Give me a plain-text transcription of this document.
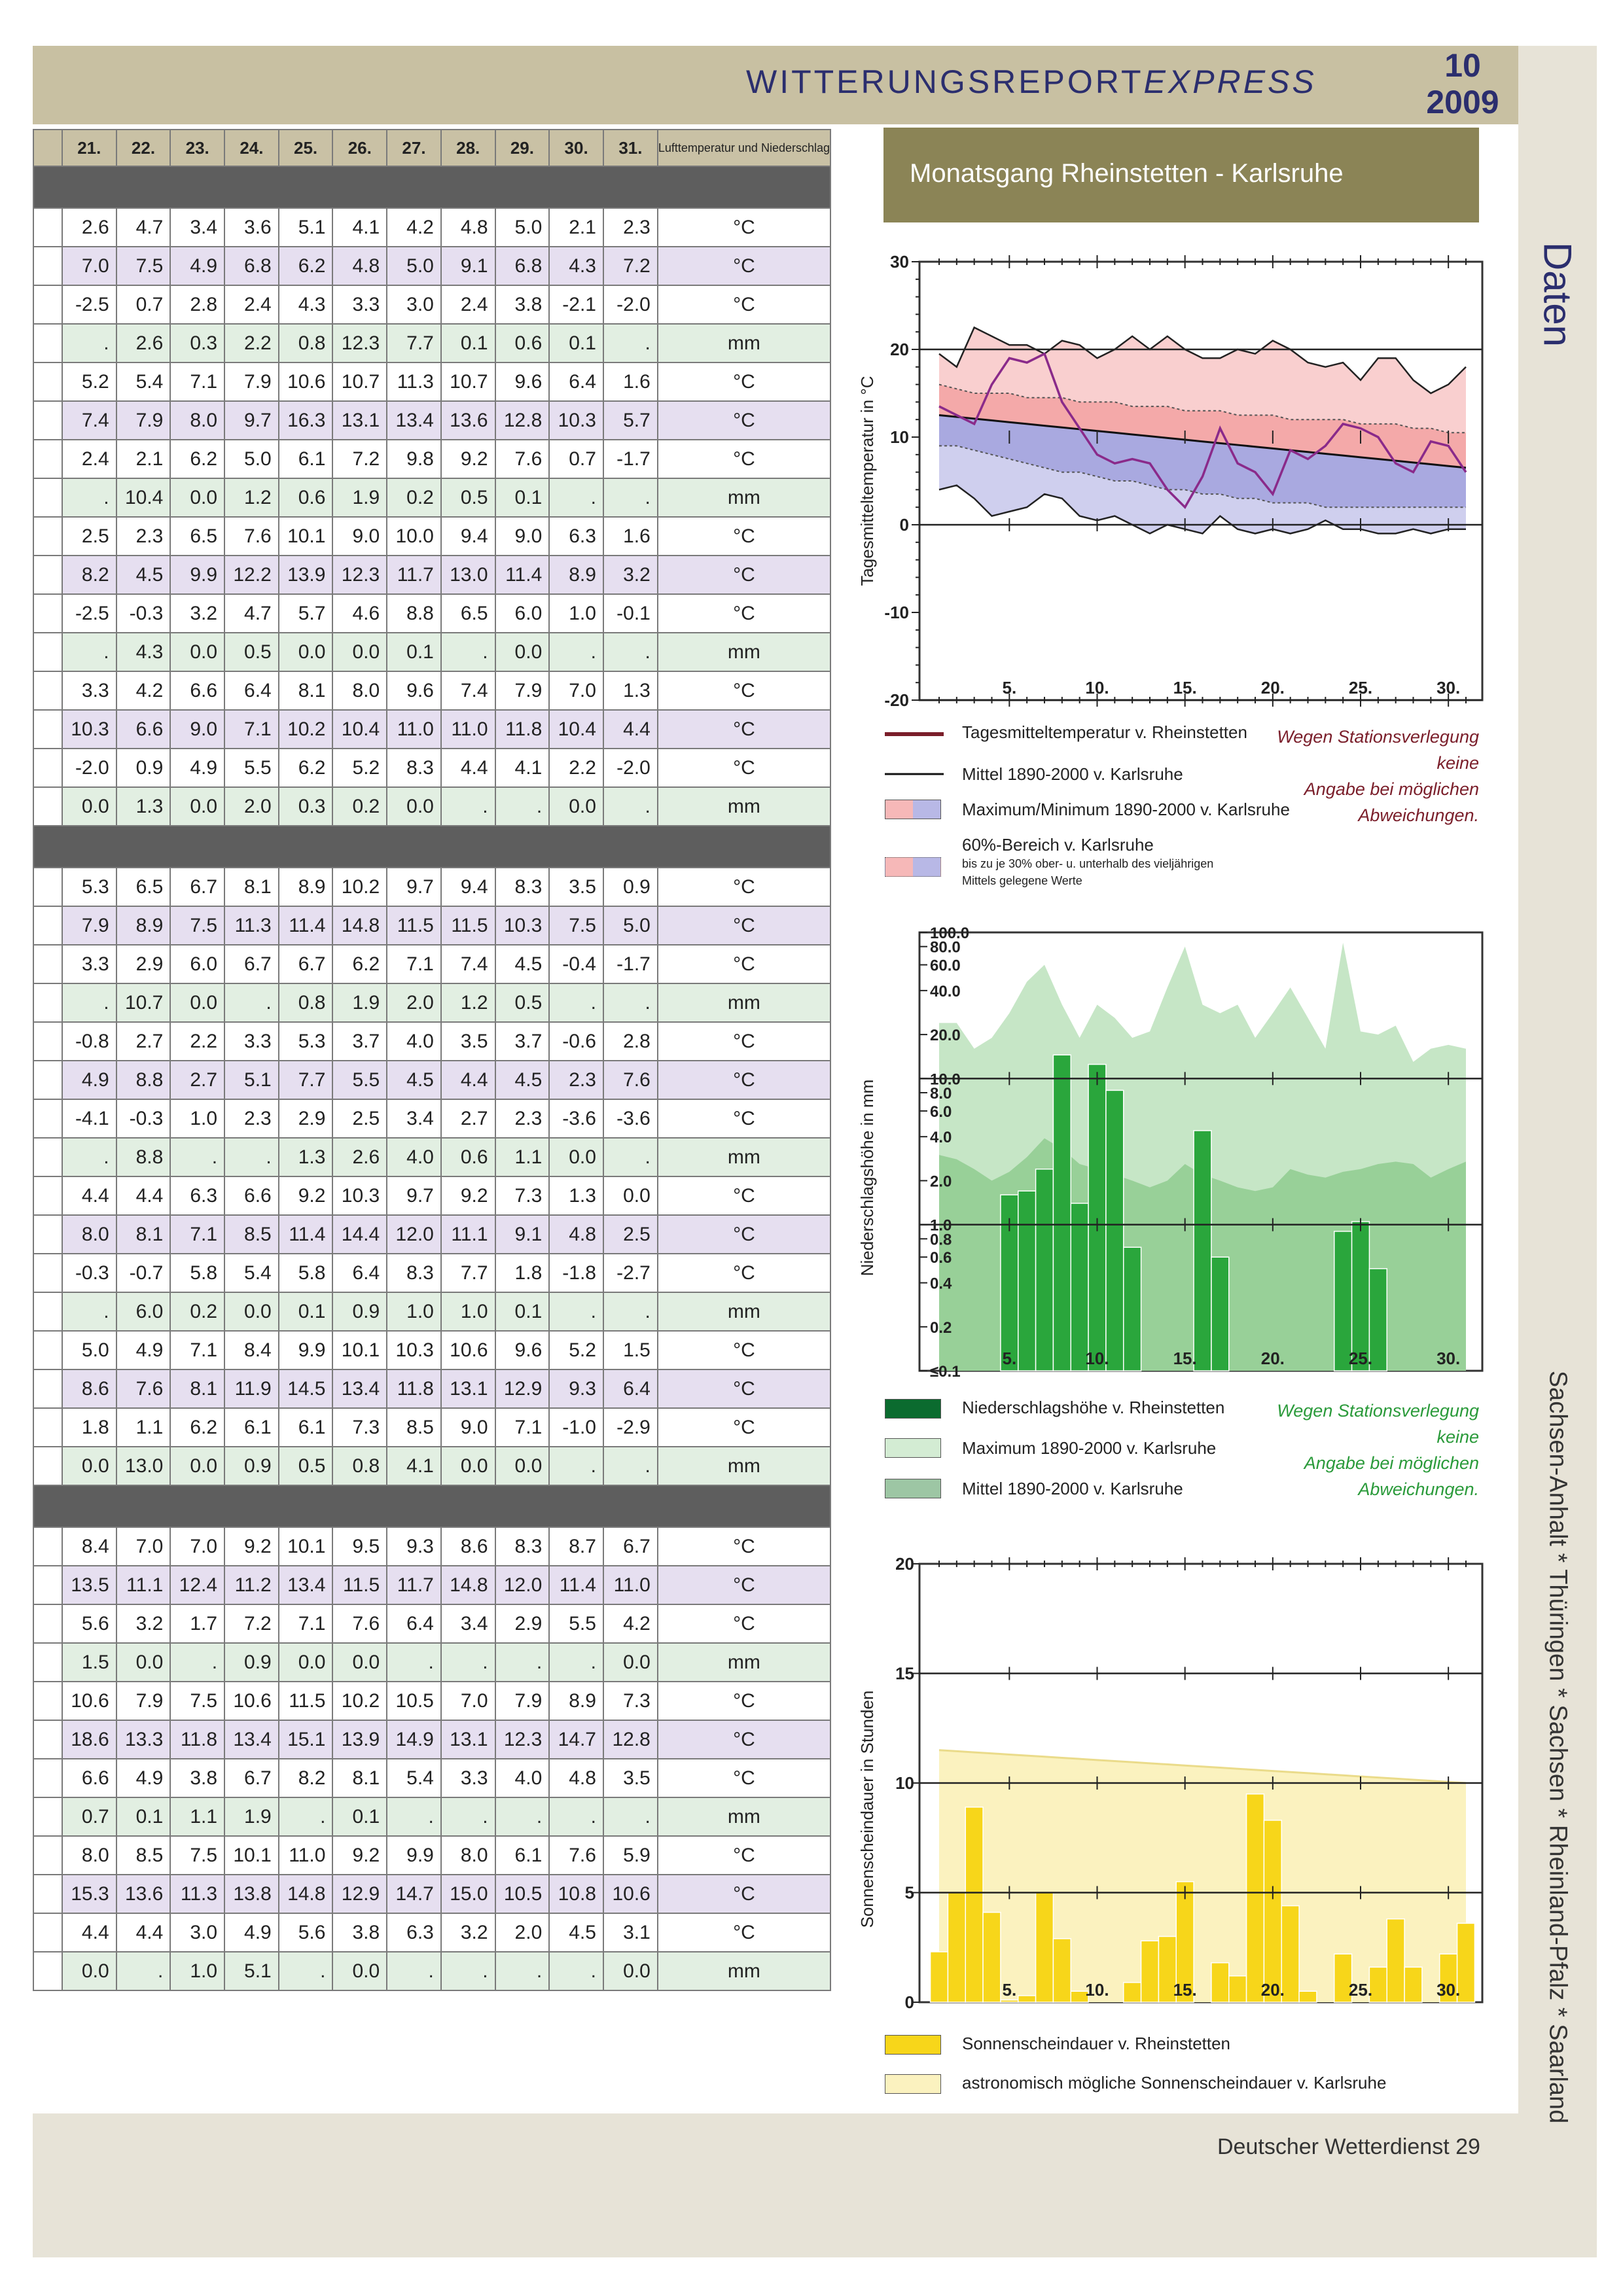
WITTERUNGSREPORTEXPRESS	10
2009
Daten
Sachsen-Anhalt * Thüringen * Sachsen * Rheinland-Pfalz * Saarland
	21.	22.	23.	24.	25.	26.	27.	28.	29.	30.	31.	Lufttemperatur und Niederschlag

	2.6	4.7	3.4	3.6	5.1	4.1	4.2	4.8	5.0	2.1	2.3	°C
	7.0	7.5	4.9	6.8	6.2	4.8	5.0	9.1	6.8	4.3	7.2	°C
	-2.5	0.7	2.8	2.4	4.3	3.3	3.0	2.4	3.8	-2.1	-2.0	°C
	.	2.6	0.3	2.2	0.8	12.3	7.7	0.1	0.6	0.1	.	mm
	5.2	5.4	7.1	7.9	10.6	10.7	11.3	10.7	9.6	6.4	1.6	°C
	7.4	7.9	8.0	9.7	16.3	13.1	13.4	13.6	12.8	10.3	5.7	°C
	2.4	2.1	6.2	5.0	6.1	7.2	9.8	9.2	7.6	0.7	-1.7	°C
	.	10.4	0.0	1.2	0.6	1.9	0.2	0.5	0.1	.	.	mm
	2.5	2.3	6.5	7.6	10.1	9.0	10.0	9.4	9.0	6.3	1.6	°C
	8.2	4.5	9.9	12.2	13.9	12.3	11.7	13.0	11.4	8.9	3.2	°C
	-2.5	-0.3	3.2	4.7	5.7	4.6	8.8	6.5	6.0	1.0	-0.1	°C
	.	4.3	0.0	0.5	0.0	0.0	0.1	.	0.0	.	.	mm
	3.3	4.2	6.6	6.4	8.1	8.0	9.6	7.4	7.9	7.0	1.3	°C
	10.3	6.6	9.0	7.1	10.2	10.4	11.0	11.0	11.8	10.4	4.4	°C
	-2.0	0.9	4.9	5.5	6.2	5.2	8.3	4.4	4.1	2.2	-2.0	°C
	0.0	1.3	0.0	2.0	0.3	0.2	0.0	.	.	0.0	.	mm

	5.3	6.5	6.7	8.1	8.9	10.2	9.7	9.4	8.3	3.5	0.9	°C
	7.9	8.9	7.5	11.3	11.4	14.8	11.5	11.5	10.3	7.5	5.0	°C
	3.3	2.9	6.0	6.7	6.7	6.2	7.1	7.4	4.5	-0.4	-1.7	°C
	.	10.7	0.0	.	0.8	1.9	2.0	1.2	0.5	.	.	mm
	-0.8	2.7	2.2	3.3	5.3	3.7	4.0	3.5	3.7	-0.6	2.8	°C
	4.9	8.8	2.7	5.1	7.7	5.5	4.5	4.4	4.5	2.3	7.6	°C
	-4.1	-0.3	1.0	2.3	2.9	2.5	3.4	2.7	2.3	-3.6	-3.6	°C
	.	8.8	.	.	1.3	2.6	4.0	0.6	1.1	0.0	.	mm
	4.4	4.4	6.3	6.6	9.2	10.3	9.7	9.2	7.3	1.3	0.0	°C
	8.0	8.1	7.1	8.5	11.4	14.4	12.0	11.1	9.1	4.8	2.5	°C
	-0.3	-0.7	5.8	5.4	5.8	6.4	8.3	7.7	1.8	-1.8	-2.7	°C
	.	6.0	0.2	0.0	0.1	0.9	1.0	1.0	0.1	.	.	mm
	5.0	4.9	7.1	8.4	9.9	10.1	10.3	10.6	9.6	5.2	1.5	°C
	8.6	7.6	8.1	11.9	14.5	13.4	11.8	13.1	12.9	9.3	6.4	°C
	1.8	1.1	6.2	6.1	6.1	7.3	8.5	9.0	7.1	-1.0	-2.9	°C
	0.0	13.0	0.0	0.9	0.5	0.8	4.1	0.0	0.0	.	.	mm

	8.4	7.0	7.0	9.2	10.1	9.5	9.3	8.6	8.3	8.7	6.7	°C
	13.5	11.1	12.4	11.2	13.4	11.5	11.7	14.8	12.0	11.4	11.0	°C
	5.6	3.2	1.7	7.2	7.1	7.6	6.4	3.4	2.9	5.5	4.2	°C
	1.5	0.0	.	0.9	0.0	0.0	.	.	.	.	0.0	mm
	10.6	7.9	7.5	10.6	11.5	10.2	10.5	7.0	7.9	8.9	7.3	°C
	18.6	13.3	11.8	13.4	15.1	13.9	14.9	13.1	12.3	14.7	12.8	°C
	6.6	4.9	3.8	6.7	8.2	8.1	5.4	3.3	4.0	4.8	3.5	°C
	0.7	0.1	1.1	1.9	.	0.1	.	.	.	.	.	mm
	8.0	8.5	7.5	10.1	11.0	9.2	9.9	8.0	6.1	7.6	5.9	°C
	15.3	13.6	11.3	13.8	14.8	12.9	14.7	15.0	10.5	10.8	10.6	°C
	4.4	4.4	3.0	4.9	5.6	3.8	6.3	3.2	2.0	4.5	3.1	°C
	0.0	.	1.0	5.1	.	0.0	.	.	.	.	0.0	mm
Monatsgang Rheinstetten - Karlsruhe
30
20
10
0
-10
-20
5.	10.	15.	20.	25.	30.
Tagesmitteltemperatur in °C
100.0
80.0
60.0
40.0
20.0
10.0
8.0
6.0
4.0
2.0
1.0
0.8
0.6
0.4
0.2
≤0.1
5.	10.	15.	20.	25.	30.
Niederschlagshöhe in mm
20
15
10
5
0
5.	10.	15.	20.	25.	30.
Sonnenscheindauer in Stunden
Tagesmitteltemperatur v. Rheinstetten
Mittel 1890-2000 v. Karlsruhe
Maximum/Minimum 1890-2000 v. Karlsruhe
60%-Bereich v. Karlsruhe
bis zu je 30% ober- u. unterhalb des vieljährigen
Mittels gelegene Werte
Wegen Stationsverlegung keine
Angabe bei möglichen
Abweichungen.
Niederschlagshöhe v. Rheinstetten
Maximum 1890-2000 v. Karlsruhe
Mittel 1890-2000 v. Karlsruhe
Wegen Stationsverlegung keine
Angabe bei möglichen
Abweichungen.
Sonnenscheindauer v. Rheinstetten
astronomisch mögliche Sonnenscheindauer v. Karlsruhe
Deutscher Wetterdienst 29
